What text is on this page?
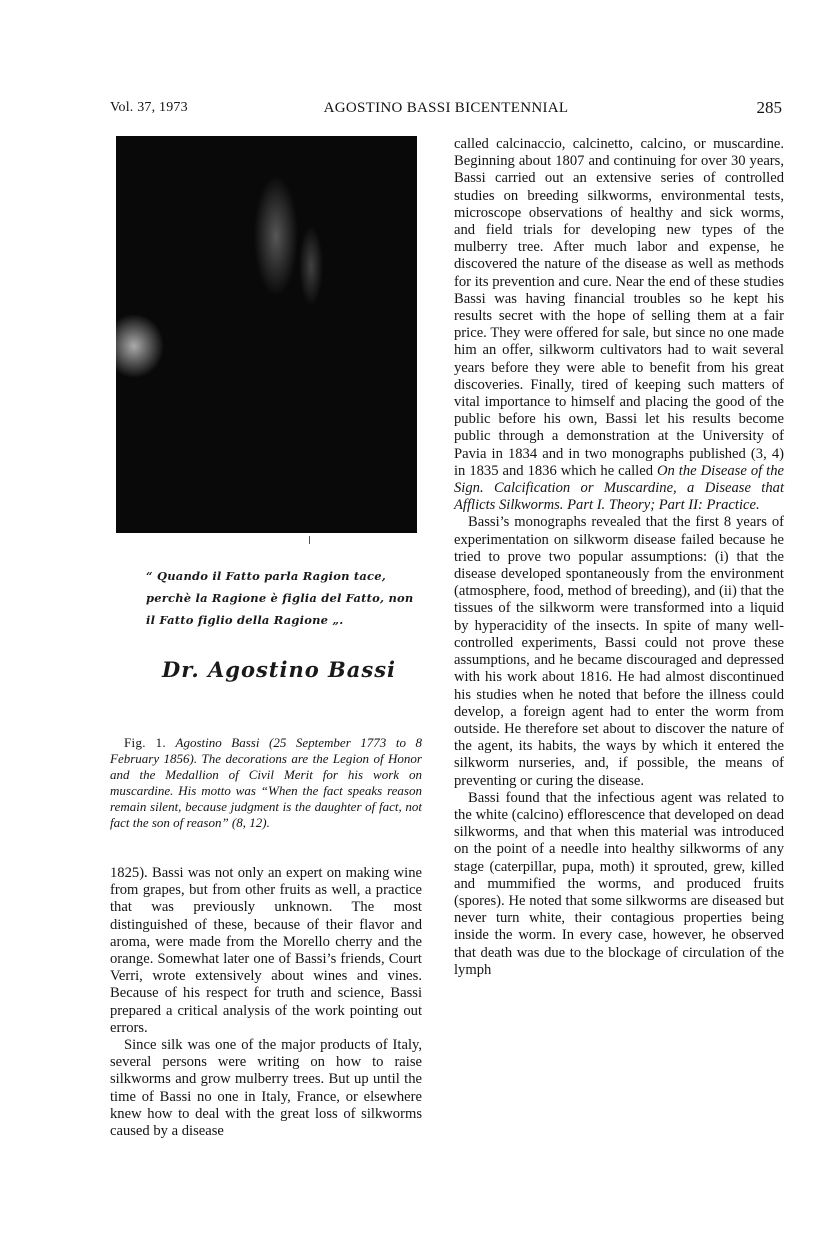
Vol. 37, 1973	AGOSTINO BASSI BICENTENNIAL	285
“ Quando il Fatto parla Ragion tace,
perchè la Ragione è figlia del Fatto, non
il Fatto figlio della Ragione „.
Dr. Agostino Bassi

Fig. 1. Agostino Bassi (25 September 1773 to 8 February 1856). The decorations are the Legion of Honor and the Medallion of Civil Merit for his work on muscardine. His motto was “When the fact speaks reason remain silent, because judgment is the daughter of fact, not fact the son of reason” (8, 12).

1825). Bassi was not only an expert on making wine from grapes, but from other fruits as well, a practice that was previously unknown. The most distinguished of these, because of their flavor and aroma, were made from the Morello cherry and the orange. Somewhat later one of Bassi’s friends, Court Verri, wrote extensively about wines and vines. Because of his respect for truth and science, Bassi prepared a critical analysis of the work pointing out errors.

Since silk was one of the major products of Italy, several persons were writing on how to raise silkworms and grow mulberry trees. But up until the time of Bassi no one in Italy, France, or elsewhere knew how to deal with the great loss of silkworms caused by a disease

called calcinaccio, calcinetto, calcino, or muscardine. Beginning about 1807 and continuing for over 30 years, Bassi carried out an extensive series of controlled studies on breeding silkworms, environmental tests, microscope observations of healthy and sick worms, and field trials for developing new types of the mulberry tree. After much labor and expense, he discovered the nature of the disease as well as methods for its prevention and cure. Near the end of these studies Bassi was having financial troubles so he kept his results secret with the hope of selling them at a fair price. They were offered for sale, but since no one made him an offer, silkworm cultivators had to wait several years before they were able to benefit from his great discoveries. Finally, tired of keeping such matters of vital importance to himself and placing the good of the public before his own, Bassi let his results become public through a demonstration at the University of Pavia in 1834 and in two monographs published (3, 4) in 1835 and 1836 which he called On the Disease of the Sign. Calcification or Muscardine, a Disease that Afflicts Silkworms. Part I. Theory; Part II: Practice.

Bassi’s monographs revealed that the first 8 years of experimentation on silkworm disease failed because he tried to prove two popular assumptions: (i) that the disease developed spontaneously from the environment (atmosphere, food, method of breeding), and (ii) that the tissues of the silkworm were transformed into a liquid by hyperacidity of the insects. In spite of many well-controlled experiments, Bassi could not prove these assumptions, and he became discouraged and depressed with his work about 1816. He had almost discontinued his studies when he noted that before the illness could develop, a foreign agent had to enter the worm from outside. He therefore set about to discover the nature of the agent, its habits, the ways by which it entered the silkworm nurseries, and, if possible, the means of preventing or curing the disease.

Bassi found that the infectious agent was related to the white (calcino) efflorescence that developed on dead silkworms, and that when this material was introduced on the point of a needle into healthy silkworms of any stage (caterpillar, pupa, moth) it sprouted, grew, killed and mummified the worms, and produced fruits (spores). He noted that some silkworms are diseased but never turn white, their contagious properties being inside the worm. In every case, however, he observed that death was due to the blockage of circulation of the lymph
